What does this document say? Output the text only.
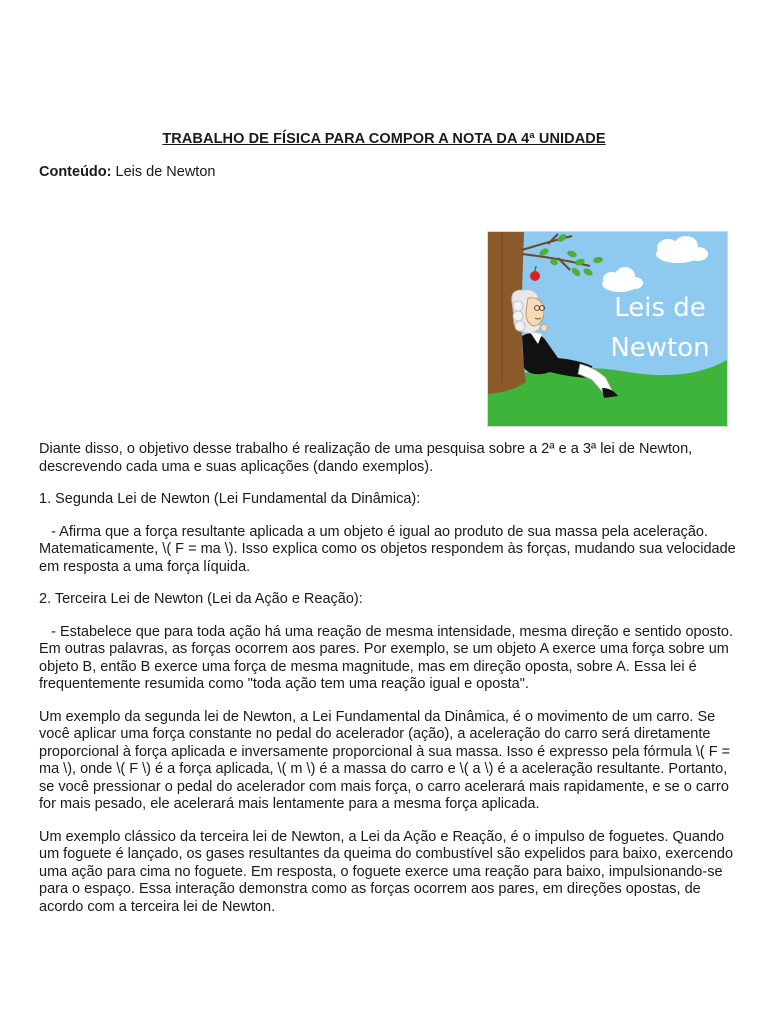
TRABALHO DE FÍSICA PARA COMPOR A NOTA DA 4ª UNIDADE
Conteúdo: Leis de Newton
Leis de
Newton

Diante disso, o objetivo desse trabalho é realização de uma pesquisa sobre a 2ª e a 3ª lei de Newton, descrevendo cada uma e suas aplicações (dando exemplos).

1. Segunda Lei de Newton (Lei Fundamental da Dinâmica):

- Afirma que a força resultante aplicada a um objeto é igual ao produto de sua massa pela aceleração. Matematicamente, \( F = ma \). Isso explica como os objetos respondem às forças, mudando sua velocidade em resposta a uma força líquida.

2. Terceira Lei de Newton (Lei da Ação e Reação):

- Estabelece que para toda ação há uma reação de mesma intensidade, mesma direção e sentido oposto. Em outras palavras, as forças ocorrem aos pares. Por exemplo, se um objeto A exerce uma força sobre um objeto B, então B exerce uma força de mesma magnitude, mas em direção oposta, sobre A. Essa lei é frequentemente resumida como "toda ação tem uma reação igual e oposta".

Um exemplo da segunda lei de Newton, a Lei Fundamental da Dinâmica, é o movimento de um carro. Se você aplicar uma força constante no pedal do acelerador (ação), a aceleração do carro será diretamente proporcional à força aplicada e inversamente proporcional à sua massa. Isso é expresso pela fórmula \( F = ma \), onde \( F \) é a força aplicada, \( m \) é a massa do carro e \( a \) é a aceleração resultante. Portanto, se você pressionar o pedal do acelerador com mais força, o carro acelerará mais rapidamente, e se o carro for mais pesado, ele acelerará mais lentamente para a mesma força aplicada.

Um exemplo clássico da terceira lei de Newton, a Lei da Ação e Reação, é o impulso de foguetes. Quando um foguete é lançado, os gases resultantes da queima do combustível são expelidos para baixo, exercendo uma ação para cima no foguete. Em resposta, o foguete exerce uma reação para baixo, impulsionando-se para o espaço. Essa interação demonstra como as forças ocorrem aos pares, em direções opostas, de acordo com a terceira lei de Newton.
